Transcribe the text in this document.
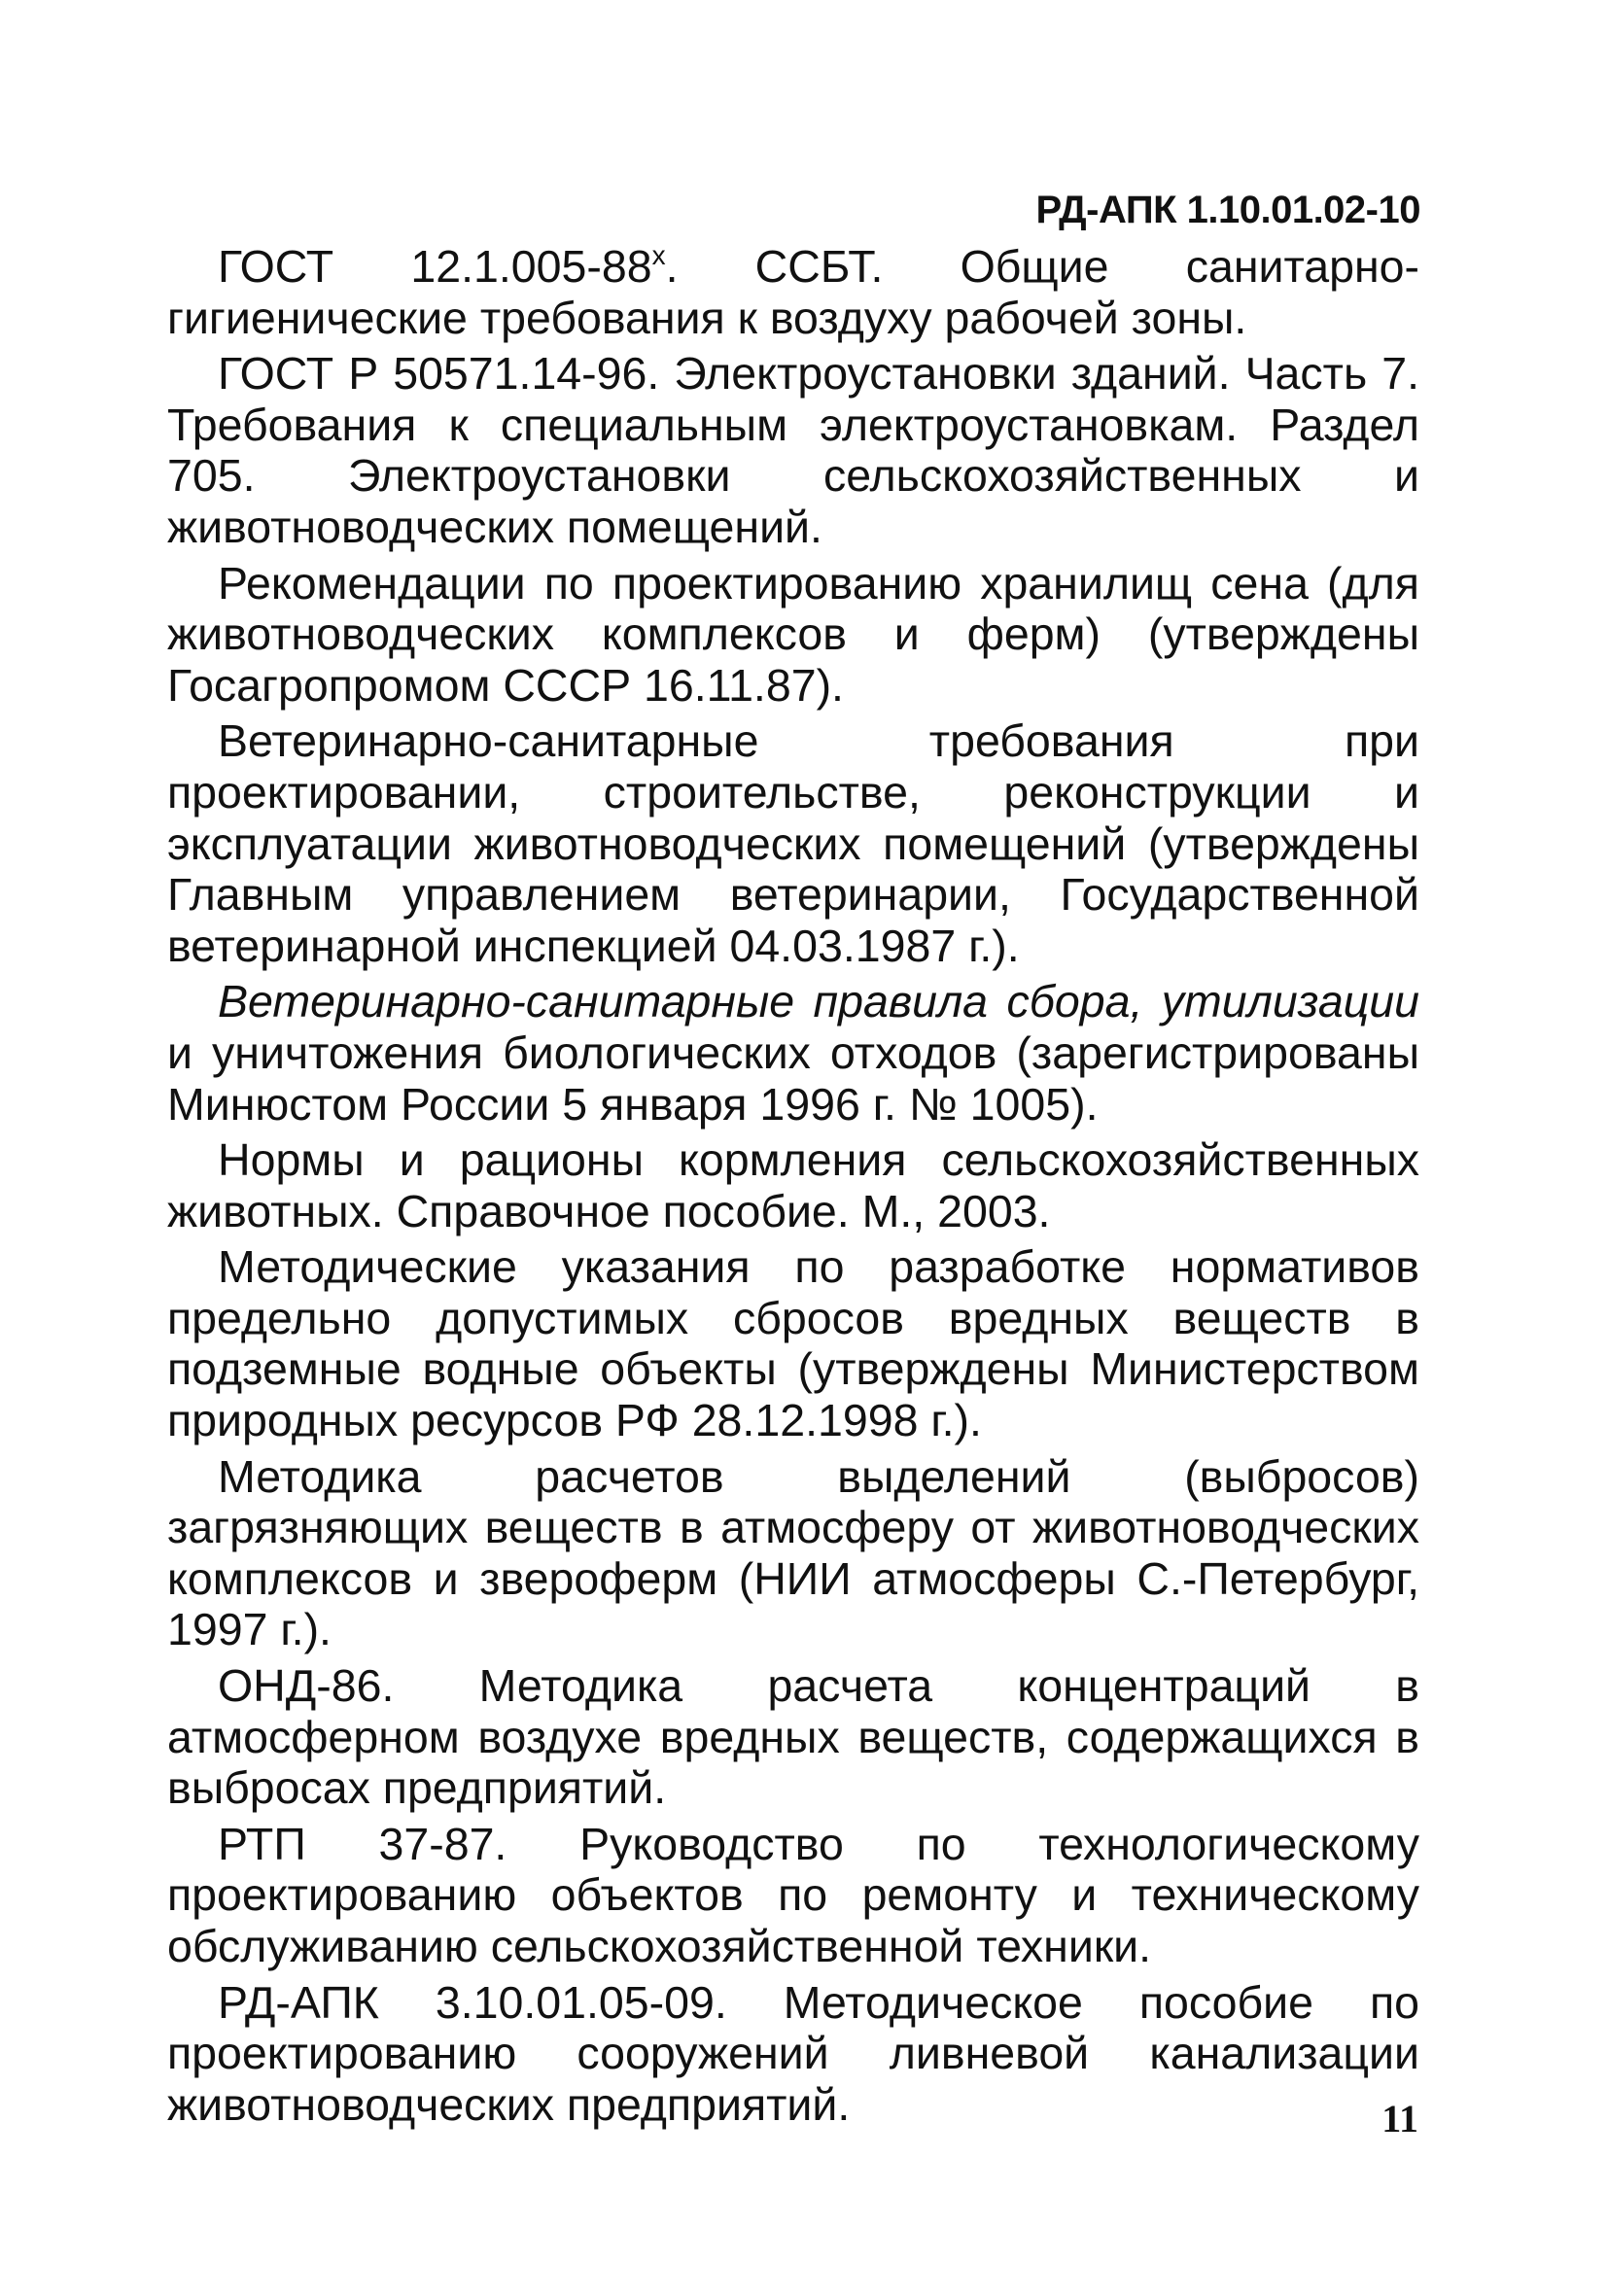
РД-АПК 1.10.01.02-10

ГОСТ $12.1.005-88^х$. ССБТ. Общие санитарно-гигиенические требования к воздуху рабочей зоны.

ГОСТ Р 50571.14-96. Электроустановки зданий. Часть 7. Требования к специальным электроустановкам. Раздел 705. Электроустановки сельскохозяйственных и животноводческих помещений.

Рекомендации по проектированию хранилищ сена (для животноводческих комплексов и ферм) (утверждены Госагропромом СССР 16.11.87).

Ветеринарно-санитарные требования при проектировании, строительстве, реконструкции и эксплуатации животноводческих помещений (утверждены Главным управлением ветеринарии, Государственной ветеринарной инспекцией 04.03.1987 г.).

Ветеринарно-санитарные правила сбора, утилизации и уничтожения биологических отходов (зарегистрированы Минюстом России 5 января 1996 г. № 1005).

Нормы и рационы кормления сельскохозяйственных животных. Справочное пособие. М., 2003.

Методические указания по разработке нормативов предельно допустимых сбросов вредных веществ в подземные водные объекты (утверждены Министерством природных ресурсов РФ 28.12.1998 г.).

Методика расчетов выделений (выбросов) загрязняющих веществ в атмосферу от животноводческих комплексов и звероферм (НИИ атмосферы С.-Петербург, 1997 г.).

ОНД-86. Методика расчета концентраций в атмосферном воздухе вредных веществ, содержащихся в выбросах предприятий.

РТП 37-87. Руководство по технологическому проектированию объектов по ремонту и техническому обслуживанию сельскохозяйственной техники.

РД-АПК 3.10.01.05-09. Методическое пособие по проектированию сооружений ливневой канализации животноводческих предприятий.	11
